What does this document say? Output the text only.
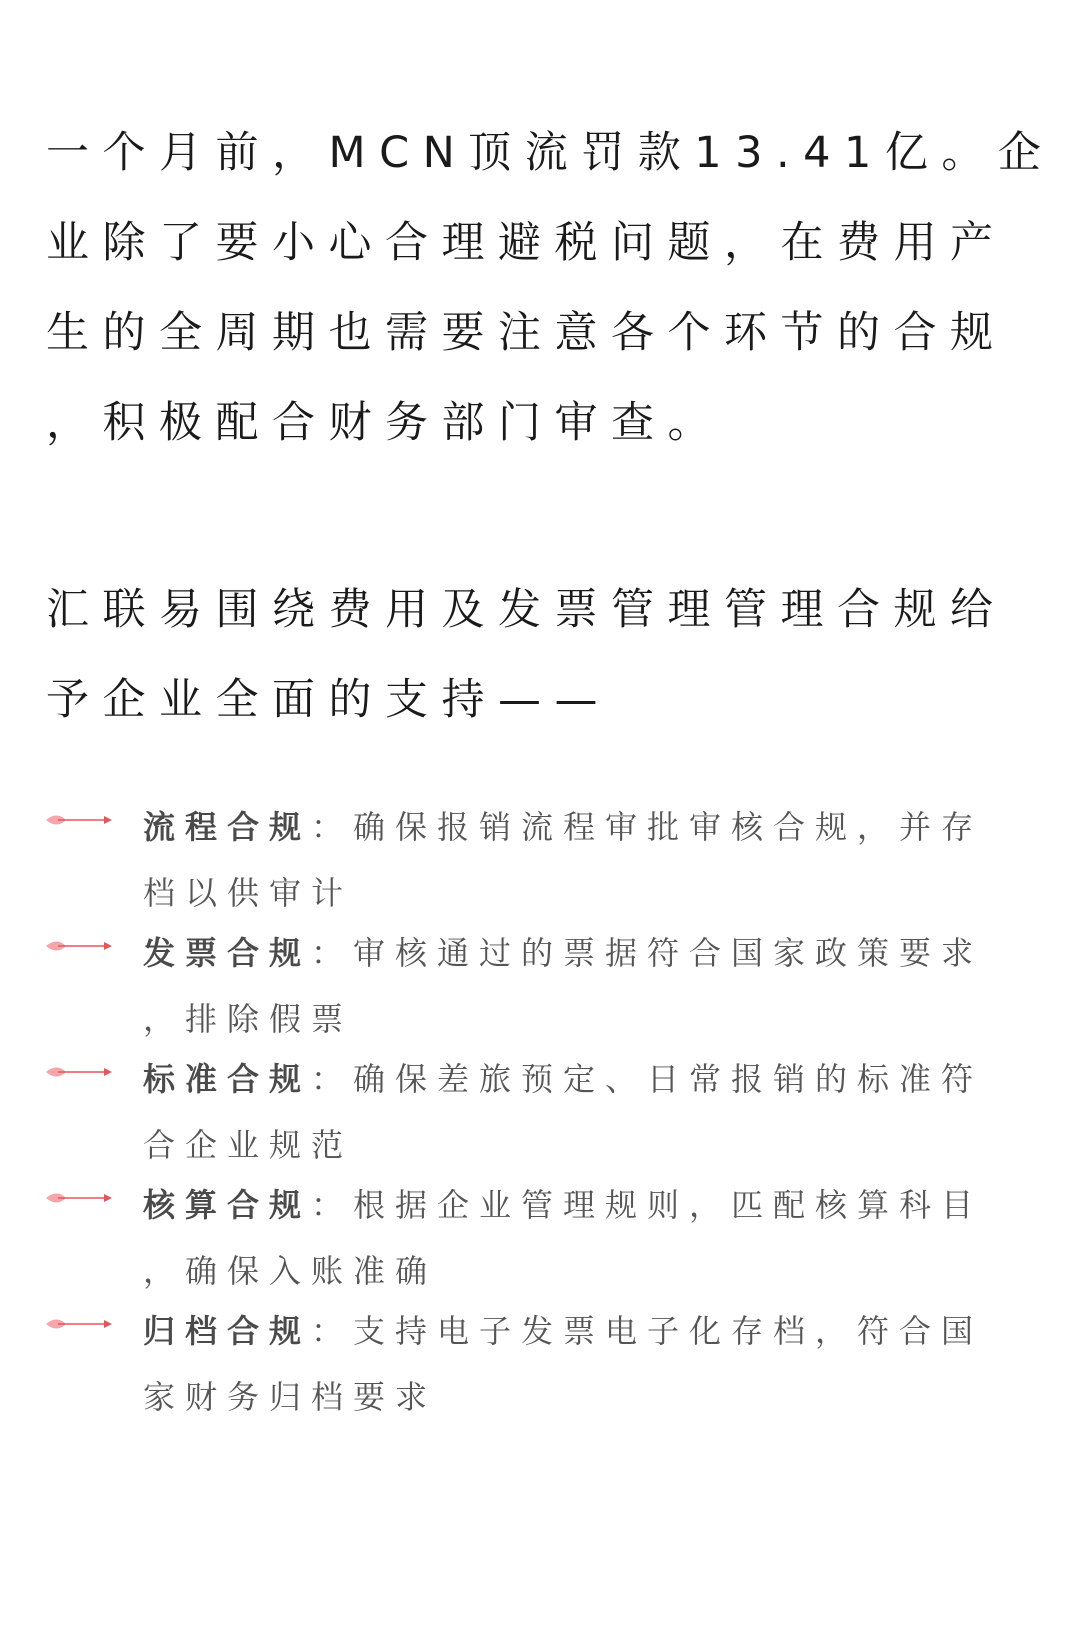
一个月前，MCN顶流罚款13.41亿。企
业除了要小心合理避税问题，在费用产
生的全周期也需要注意各个环节的合规
，积极配合财务部门审查。

汇联易围绕费用及发票管理管理合规给
予企业全面的支持——

流程合规：确保报销流程审批审核合规，并存
档以供审计
发票合规：审核通过的票据符合国家政策要求
，排除假票
标准合规：确保差旅预定、日常报销的标准符
合企业规范
核算合规：根据企业管理规则，匹配核算科目
，确保入账准确
归档合规：支持电子发票电子化存档，符合国
家财务归档要求
